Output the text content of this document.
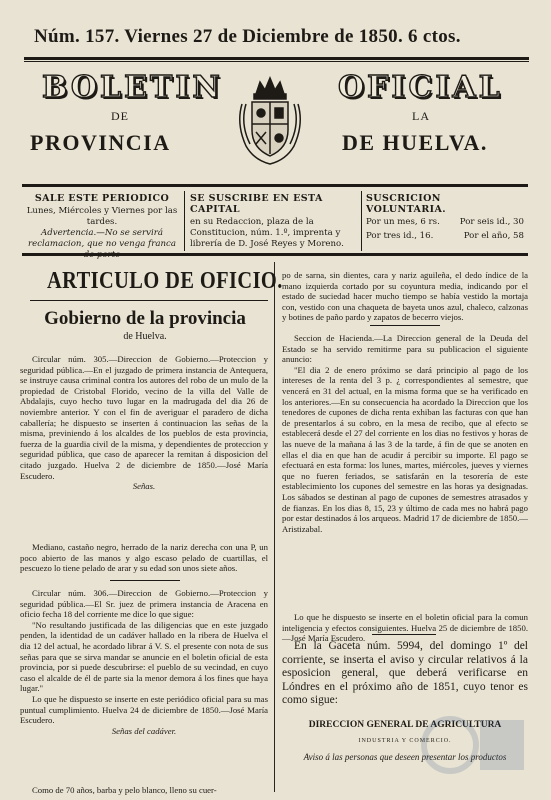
Núm. 157. Viernes 27 de Diciembre de 1850. 6 ctos.
BOLETIN
DE
PROVINCIA
OFICIAL
LA
DE HUELVA.
SALE ESTE PERIODICO
Lunes, Miércoles y Viernes por las tardes.
Advertencia.—No se servirá reclamacion, que no venga franca de porte
SE SUSCRIBE EN ESTA CAPITAL
en su Redaccion, plaza de la Constitucion, núm. 1.º, imprenta y librería de D. José Reyes y Moreno.
SUSCRICION VOLUNTARIA.
Por un mes, 6 rs. Por seis id., 30
Por tres id., 16.	Por el año, 58
ARTICULO DE OFICIO.
Gobierno de la provincia
de Huelva.

Circular núm. 305.—Direccion de Gobierno.—Proteccion y seguridad pública.—En el juzgado de primera instancia de Antequera, se instruye causa criminal contra los autores del robo de un mulo de la propiedad de Cristobal Florido, vecino de la villa del Valle de Abdalajis, cuyo hecho tuvo lugar en la madrugada del dia 26 de noviembre anterior. Y con el fin de averiguar el paradero de dicha caballería; he dispuesto se inserten á continuacion las señas de la misma, previniendo á los alcaldes de los pueblos de esta provincia, fuerza de la guardia civil de la misma, y dependientes de proteccion y seguridad pública, que caso de aparecer la remitan á disposicion del citado juzgado. Huelva 2 de diciembre de 1850.—José María Escudero.

Señas.

Mediano, castaño negro, herrado de la nariz derecha con una P, un poco abierto de las manos y algo escaso pelado de cuartillas, el pescuezo lo tiene pelado de arar y su edad son unos siete años.

Circular núm. 306.—Direccion de Gobierno.—Proteccion y seguridad pública.—El Sr. juez de primera instancia de Aracena en oficio fecha 18 del corriente me dice lo que sigue:

"No resultando justificada de las diligencias que en este juzgado penden, la identidad de un cadáver hallado en la ribera de Huelva el dia 12 del actual, he acordado librar á V. S. el presente con nota de sus señas para que se sirva mandar se anuncie en el boletin oficial de esta provincia, por si puede descubrirse: el pueblo de su vecindad, en cuyo caso el alcalde de él de parte sia la menor demora á los fines que haya lugar."

Lo que he dispuesto se inserte en este periódico oficial para su mas puntual cumplimiento. Huelva 24 de diciembre de 1850.—José María Escudero.

Señas del cadáver.

Como de 70 años, barba y pelo blanco, lleno su cuer-

po de sarna, sin dientes, cara y nariz aguileña, el dedo índice de la mano izquierda cortado por su coyuntura media, indicando por el estado de suciedad hacer mucho tiempo se había vestido la mortaja con, vestido con una chaqueta de bayeta unos azul, chaleco, calzonas y botines de paño pardo y zapatos de becerro viejos.

Seccion de Hacienda.—La Direccion general de la Deuda del Estado se ha servido remitirme para su publicacion el siguiente anuncio:

"El dia 2 de enero próximo se dará principio al pago de los intereses de la renta del 3 p. ¿ correspondientes al semestre, que vencerá en 31 del actual, en la misma forma que se ha verificado en los anteriores.—En su consecuencia ha acordado la Direccion que los tenedores de cupones de dicha renta exhiban las facturas con que han de presentarlos á su cobro, en la mesa de recibo, que al efecto se establecerá desde el 27 del corriente en los dias no festivos y horas de las nueve de la mañana á las 3 de la tarde, á fin de que se anoten en ellas el dia en que han de acudir á percibir su importe. El pago se efectuará en esta forma: los lunes, martes, miércoles, jueves y viernes que no fueren feriados, se satisfarán en la tesorería de este establecimiento los cupones del semestre en las horas ya designadas. Los sábados se destinan al pago de cupones de semestres atrasados y de fianzas. En los dias 8, 15, 23 y último de cada mes no habrá pago por estar destinados á los arqueos. Madrid 17 de diciembre de 1850.—Aristizabal.

Lo que he dispuesto se inserte en el boletin oficial para la comun inteligencia y efectos consiguientes. Huelva 25 de diciembre de 1850.—José María Escudero.

En la Gaceta núm. 5994, del domingo 1º del corriente, se inserta el aviso y circular relativos á la esposicion general, que deberá verificarse en Lóndres en el próximo año de 1851, cuyo tenor es como sigue:

DIRECCION GENERAL DE AGRICULTURA
INDUSTRIA Y COMERCIO.
Aviso á las personas que deseen presentar los productos
